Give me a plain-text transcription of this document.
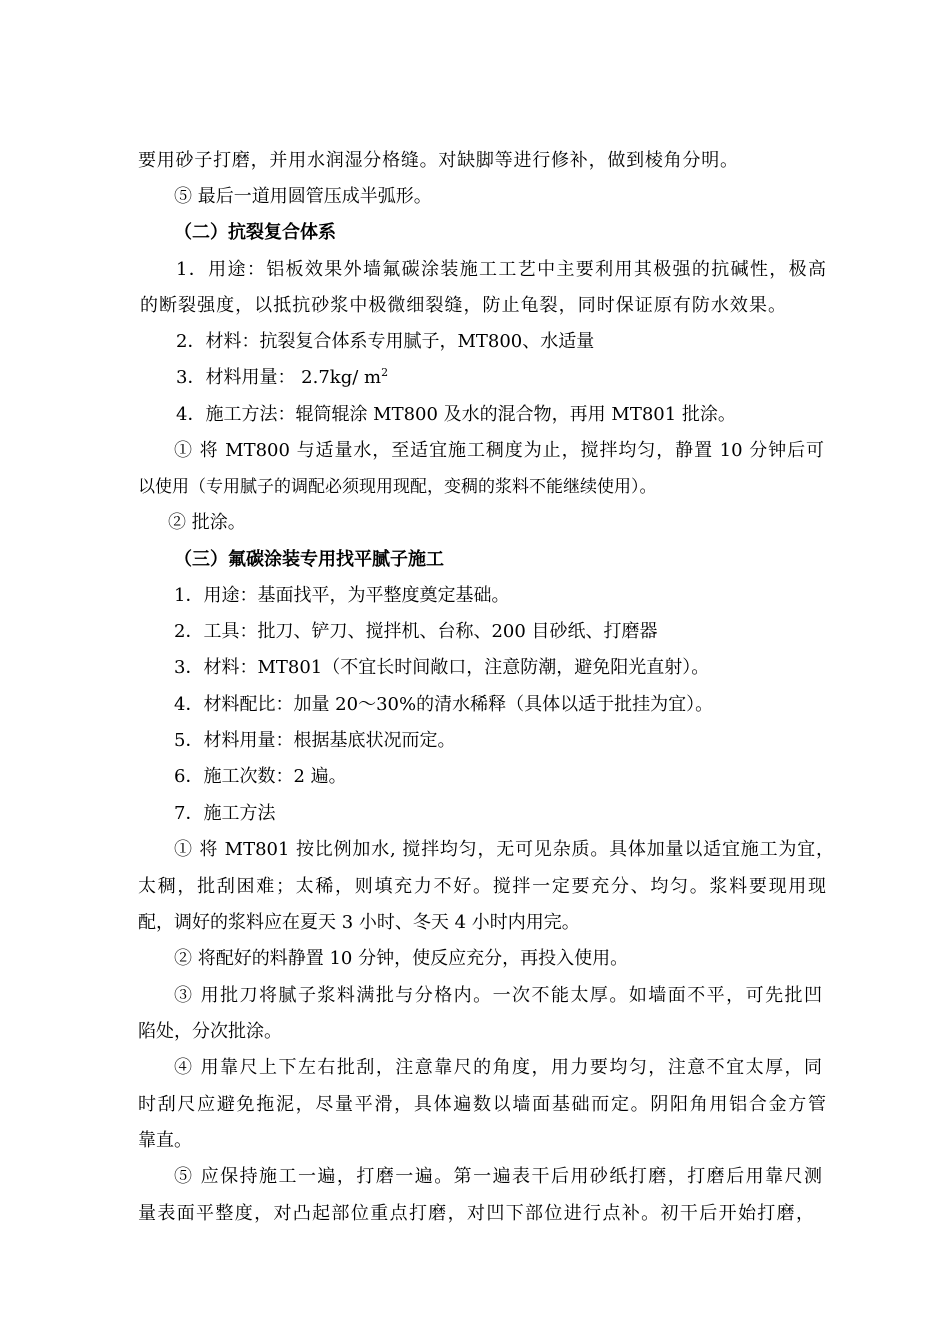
要用砂子打磨，并用水润湿分格缝。对缺脚等进行修补，做到棱角分明。
⑤ 最后一道用圆管压成半弧形。
（二）抗裂复合体系
1．用途：铝板效果外墙氟碳涂装施工工艺中主要利用其极强的抗碱性，极高
的断裂强度，以抵抗砂浆中极微细裂缝，防止龟裂，同时保证原有防水效果。
2．材料：抗裂复合体系专用腻子，MT800、水适量
3．材料用量： 2.7kg/ $m^2$
4．施工方法：辊筒辊涂 MT800 及水的混合物，再用 MT801 批涂。
① 将 MT800 与适量水，至适宜施工稠度为止，搅拌均匀，静置 10 分钟后可
以使用（专用腻子的调配必须现用现配，变稠的浆料不能继续使用）。
② 批涂。
（三）氟碳涂装专用找平腻子施工
1．用途：基面找平，为平整度奠定基础。
2．工具：批刀、铲刀、搅拌机、台称、200 目砂纸、打磨器
3．材料：MT801（不宜长时间敞口，注意防潮，避免阳光直射）。
4．材料配比：加量 20～30%的清水稀释（具体以适于批挂为宜）。
5．材料用量：根据基底状况而定。
6．施工次数：2 遍。
7．施工方法
① 将 MT801 按比例加水, 搅拌均匀，无可见杂质。具体加量以适宜施工为宜，
太稠，批刮困难；太稀，则填充力不好。搅拌一定要充分、均匀。浆料要现用现
配，调好的浆料应在夏天 3 小时、冬天 4 小时内用完。
② 将配好的料静置 10 分钟，使反应充分，再投入使用。
③ 用批刀将腻子浆料满批与分格内。一次不能太厚。如墙面不平，可先批凹
陷处，分次批涂。
④ 用靠尺上下左右批刮，注意靠尺的角度，用力要均匀，注意不宜太厚，同
时刮尺应避免拖泥，尽量平滑，具体遍数以墙面基础而定。阴阳角用铝合金方管
靠直。
⑤ 应保持施工一遍，打磨一遍。第一遍表干后用砂纸打磨，打磨后用靠尺测
量表面平整度，对凸起部位重点打磨，对凹下部位进行点补。初干后开始打磨，
